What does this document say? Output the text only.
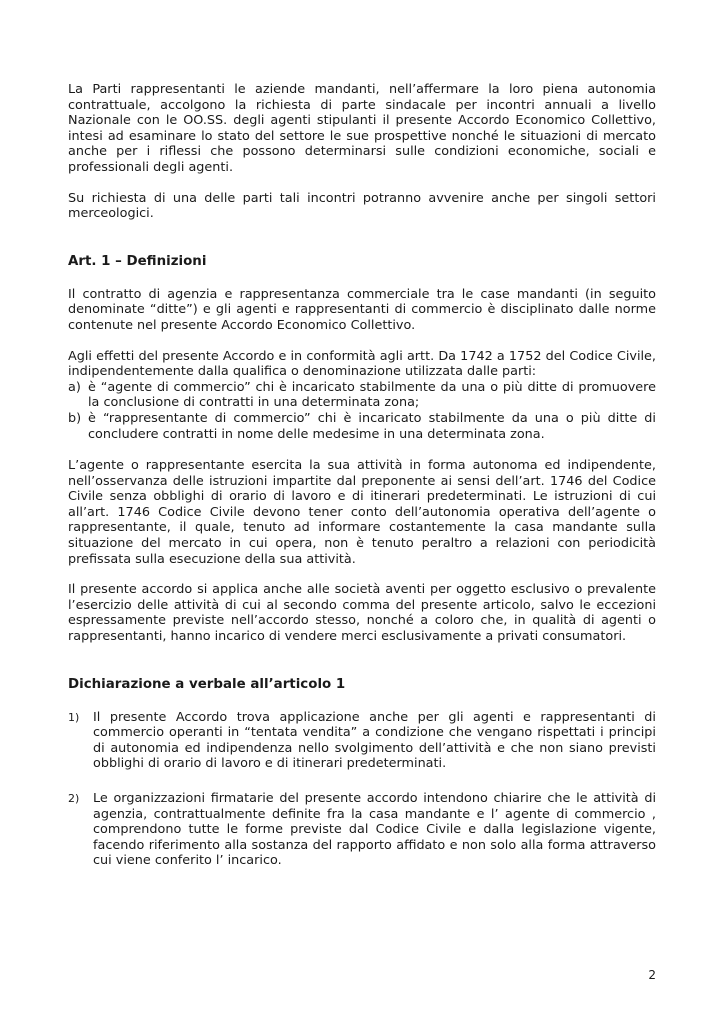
La Parti rappresentanti le aziende mandanti, nell’affermare la loro piena autonomia contrattuale, accolgono la richiesta di parte sindacale per incontri annuali a livello Nazionale con le OO.SS. degli agenti stipulanti il presente Accordo Economico Collettivo, intesi ad esaminare lo stato del settore le sue prospettive nonché le situazioni di mercato anche per i riflessi che possono determinarsi sulle condizioni economiche, sociali e professionali degli agenti.

Su richiesta di una delle parti tali incontri potranno avvenire anche per singoli settori merceologici.

Art. 1 – Definizioni

Il contratto di agenzia e rappresentanza commerciale tra le case mandanti (in seguito denominate “ditte”) e gli agenti e rappresentanti di commercio è disciplinato dalle norme contenute nel presente Accordo Economico Collettivo.

Agli effetti del presente Accordo e in conformità agli artt. Da 1742 a 1752 del Codice Civile, indipendentemente dalla qualifica o denominazione utilizzata dalle parti:

a) è “agente di commercio” chi è incaricato stabilmente da una o più ditte di promuovere la conclusione di contratti in una determinata zona;

b) è “rappresentante di commercio” chi è incaricato stabilmente da una o più ditte di concludere contratti in nome delle medesime in una determinata zona.

L’agente o rappresentante esercita la sua attività in forma autonoma ed indipendente, nell’osservanza delle istruzioni impartite dal preponente ai sensi dell’art. 1746 del Codice Civile senza obblighi di orario di lavoro e di itinerari predeterminati. Le istruzioni di cui all’art. 1746 Codice Civile devono tener conto dell’autonomia operativa dell’agente o rappresentante, il quale, tenuto ad informare costantemente la casa mandante sulla situazione del mercato in cui opera, non è tenuto peraltro a relazioni con periodicità prefissata sulla esecuzione della sua attività.

Il presente accordo si applica anche alle società aventi per oggetto esclusivo o prevalente l’esercizio delle attività di cui al secondo comma del presente articolo, salvo le eccezioni espressamente previste nell’accordo stesso, nonché a coloro che, in qualità di agenti o rappresentanti, hanno incarico di vendere merci esclusivamente a privati consumatori.

Dichiarazione a verbale all’articolo 1

1) Il presente Accordo trova applicazione anche per gli agenti e rappresentanti di commercio operanti in “tentata vendita” a condizione che vengano rispettati i principi di autonomia ed indipendenza nello svolgimento dell’attività e che non siano previsti obblighi di orario di lavoro e di itinerari predeterminati.

2) Le organizzazioni firmatarie del presente accordo intendono chiarire che le attività di agenzia, contrattualmente definite fra la casa mandante e l’ agente di commercio , comprendono tutte le forme previste dal Codice Civile e dalla legislazione vigente, facendo riferimento alla sostanza del rapporto affidato e non solo alla forma attraverso cui viene conferito l’ incarico.

2
